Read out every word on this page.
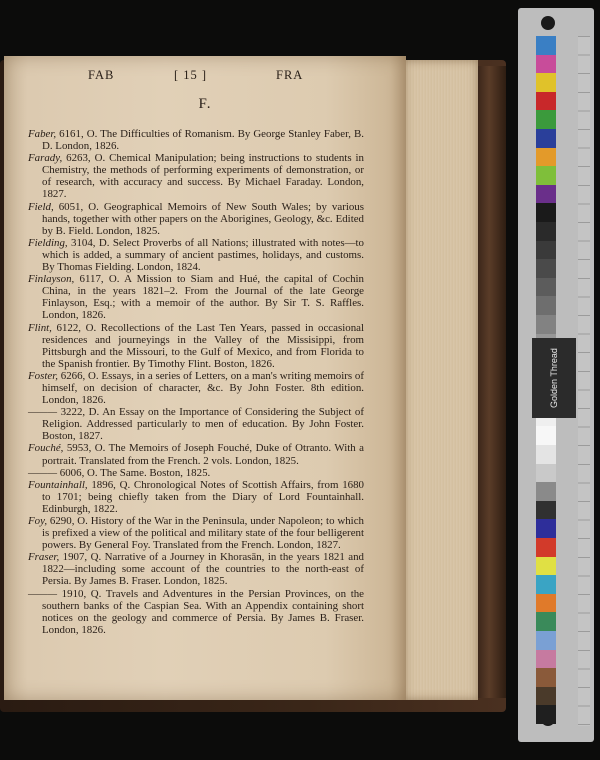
FAB	[ 15 ]	FRA
F.

Faber, 6161, O. The Difficulties of Romanism. By George Stanley Faber, B. D. London, 1826.

Farady, 6263, O. Chemical Manipulation; being instructions to students in Chemistry, the methods of performing experiments of demonstration, or of research, with accuracy and success. By Michael Faraday. London, 1827.

Field, 6051, O. Geographical Memoirs of New South Wales; by various hands, together with other papers on the Aborigines, Geology, &c. Edited by B. Field. London, 1825.

Fielding, 3104, D. Select Proverbs of all Nations; illustrated with notes—to which is added, a summary of ancient pastimes, holidays, and customs. By Thomas Fielding. London, 1824.

Finlayson, 6117, O. A Mission to Siam and Hué, the capital of Cochin China, in the years 1821–2. From the Journal of the late George Finlayson, Esq.; with a memoir of the author. By Sir T. S. Raffles. London, 1826.

Flint, 6122, O. Recollections of the Last Ten Years, passed in occasional residences and journeyings in the Valley of the Missisippi, from Pittsburgh and the Missouri, to the Gulf of Mexico, and from Florida to the Spanish frontier. By Timothy Flint. Boston, 1826.

Foster, 6266, O. Essays, in a series of Letters, on a man's writing memoirs of himself, on decision of character, &c. By John Foster. 8th edition. London, 1826.

——— 3222, D. An Essay on the Importance of Considering the Subject of Religion. Addressed particularly to men of education. By John Foster. Boston, 1827.

Fouché, 5953, O. The Memoirs of Joseph Fouché, Duke of Otranto. With a portrait. Translated from the French. 2 vols. London, 1825.

——— 6006, O. The Same. Boston, 1825.

Fountainhall, 1896, Q. Chronological Notes of Scottish Affairs, from 1680 to 1701; being chiefly taken from the Diary of Lord Fountainhall. Edinburgh, 1822.

Foy, 6290, O. History of the War in the Peninsula, under Napoleon; to which is prefixed a view of the political and military state of the four belligerent powers. By General Foy. Translated from the French. London, 1827.

Fraser, 1907, Q. Narrative of a Journey in Khorasān, in the years 1821 and 1822—including some account of the countries to the north-east of Persia. By James B. Fraser. London, 1825.

——— 1910, Q. Travels and Adventures in the Persian Provinces, on the southern banks of the Caspian Sea. With an Appendix containing short notices on the geology and commerce of Persia. By James B. Fraser. London, 1826.

Golden Thread
